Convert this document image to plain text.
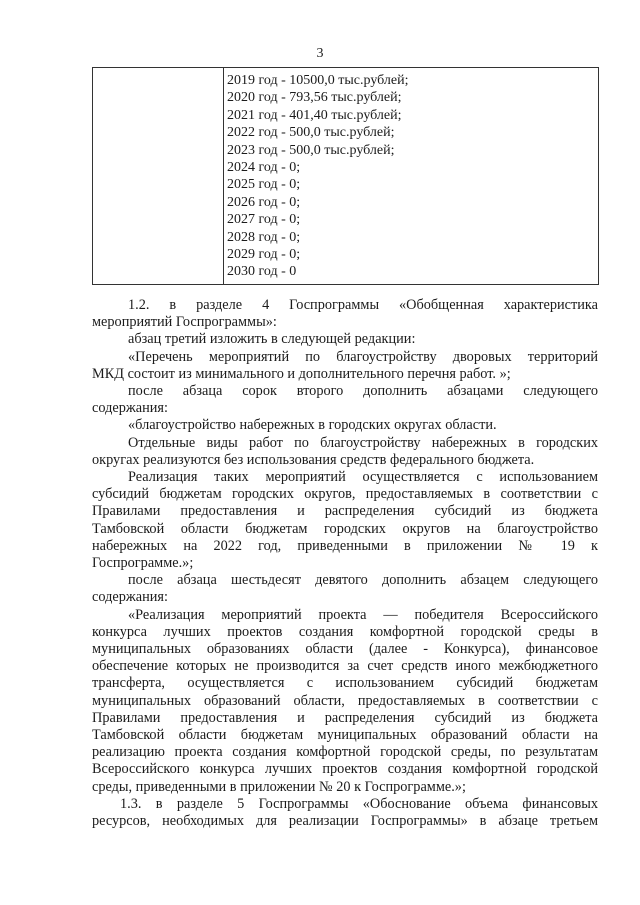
3
2019 год - 10500,0 тыс.рублей;
2020 год - 793,56 тыс.рублей;
2021 год - 401,40 тыс.рублей;
2022 год - 500,0 тыс.рублей;
2023 год - 500,0 тыс.рублей;
2024 год - 0;
2025 год - 0;
2026 год - 0;
2027 год - 0;
2028 год - 0;
2029 год - 0;
2030 год - 0

1.2. в разделе 4 Госпрограммы «Обобщенная характеристика

мероприятий Госпрограммы»:

абзац третий изложить в следующей редакции:

«Перечень мероприятий по благоустройству дворовых территорий

МКД состоит из минимального и дополнительного перечня работ. »;

после абзаца сорок второго дополнить абзацами следующего

содержания:

«благоустройство набережных в городских округах области.

Отдельные виды работ по благоустройству набережных в городских

округах реализуются без использования средств федерального бюджета.

Реализация таких мероприятий осуществляется с использованием

субсидий бюджетам городских округов, предоставляемых в соответствии с

Правилами предоставления и распределения субсидий из бюджета

Тамбовской области бюджетам городских округов на благоустройство

набережных на 2022 год, приведенными в приложении № 19 к

Госпрограмме.»;

после абзаца шестьдесят девятого дополнить абзацем следующего

содержания:

«Реализация мероприятий проекта — победителя Всероссийского

конкурса лучших проектов создания комфортной городской среды в

муниципальных образованиях области (далее - Конкурса), финансовое

обеспечение которых не производится за счет средств иного межбюджетного

трансферта, осуществляется с использованием субсидий бюджетам

муниципальных образований области, предоставляемых в соответствии с

Правилами предоставления и распределения субсидий из бюджета

Тамбовской области бюджетам муниципальных образований области на

реализацию проекта создания комфортной городской среды, по результатам

Всероссийского конкурса лучших проектов создания комфортной городской

среды, приведенными в приложении № 20 к Госпрограмме.»;

1.3. в разделе 5 Госпрограммы «Обоснование объема финансовых

ресурсов, необходимых для реализации Госпрограммы» в абзаце третьем
